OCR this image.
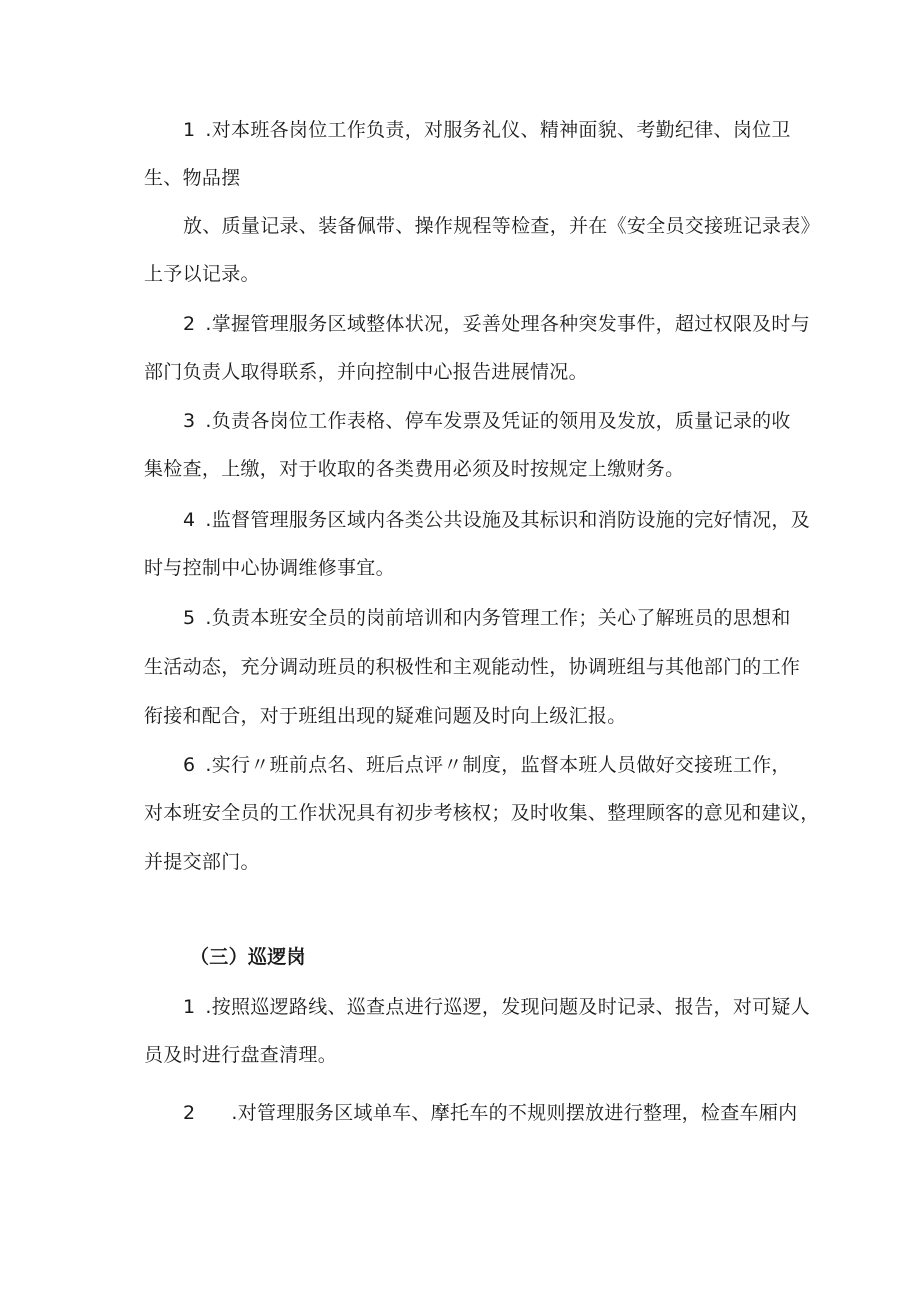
1 .对本班各岗位工作负责，对服务礼仪、精神面貌、考勤纪律、岗位卫
生、物品摆
放、质量记录、装备佩带、操作规程等检查，并在《安全员交接班记录表》
上予以记录。
2 .掌握管理服务区域整体状况，妥善处理各种突发事件，超过权限及时与
部门负责人取得联系，并向控制中心报告进展情况。
3 .负责各岗位工作表格、停车发票及凭证的领用及发放，质量记录的收
集检查，上缴，对于收取的各类费用必须及时按规定上缴财务。
4 .监督管理服务区域内各类公共设施及其标识和消防设施的完好情况，及
时与控制中心协调维修事宜。
5 .负责本班安全员的岗前培训和内务管理工作；关心了解班员的思想和
生活动态，充分调动班员的积极性和主观能动性，协调班组与其他部门的工作
衔接和配合，对于班组出现的疑难问题及时向上级汇报。
6 .实行〃班前点名、班后点评〃制度，监督本班人员做好交接班工作，
对本班安全员的工作状况具有初步考核权；及时收集、整理顾客的意见和建议，
并提交部门。
（三）巡逻岗
1 .按照巡逻路线、巡查点进行巡逻，发现问题及时记录、报告，对可疑人
员及时进行盘查清理。
2 .对管理服务区域单车、摩托车的不规则摆放进行整理，检查车厢内
